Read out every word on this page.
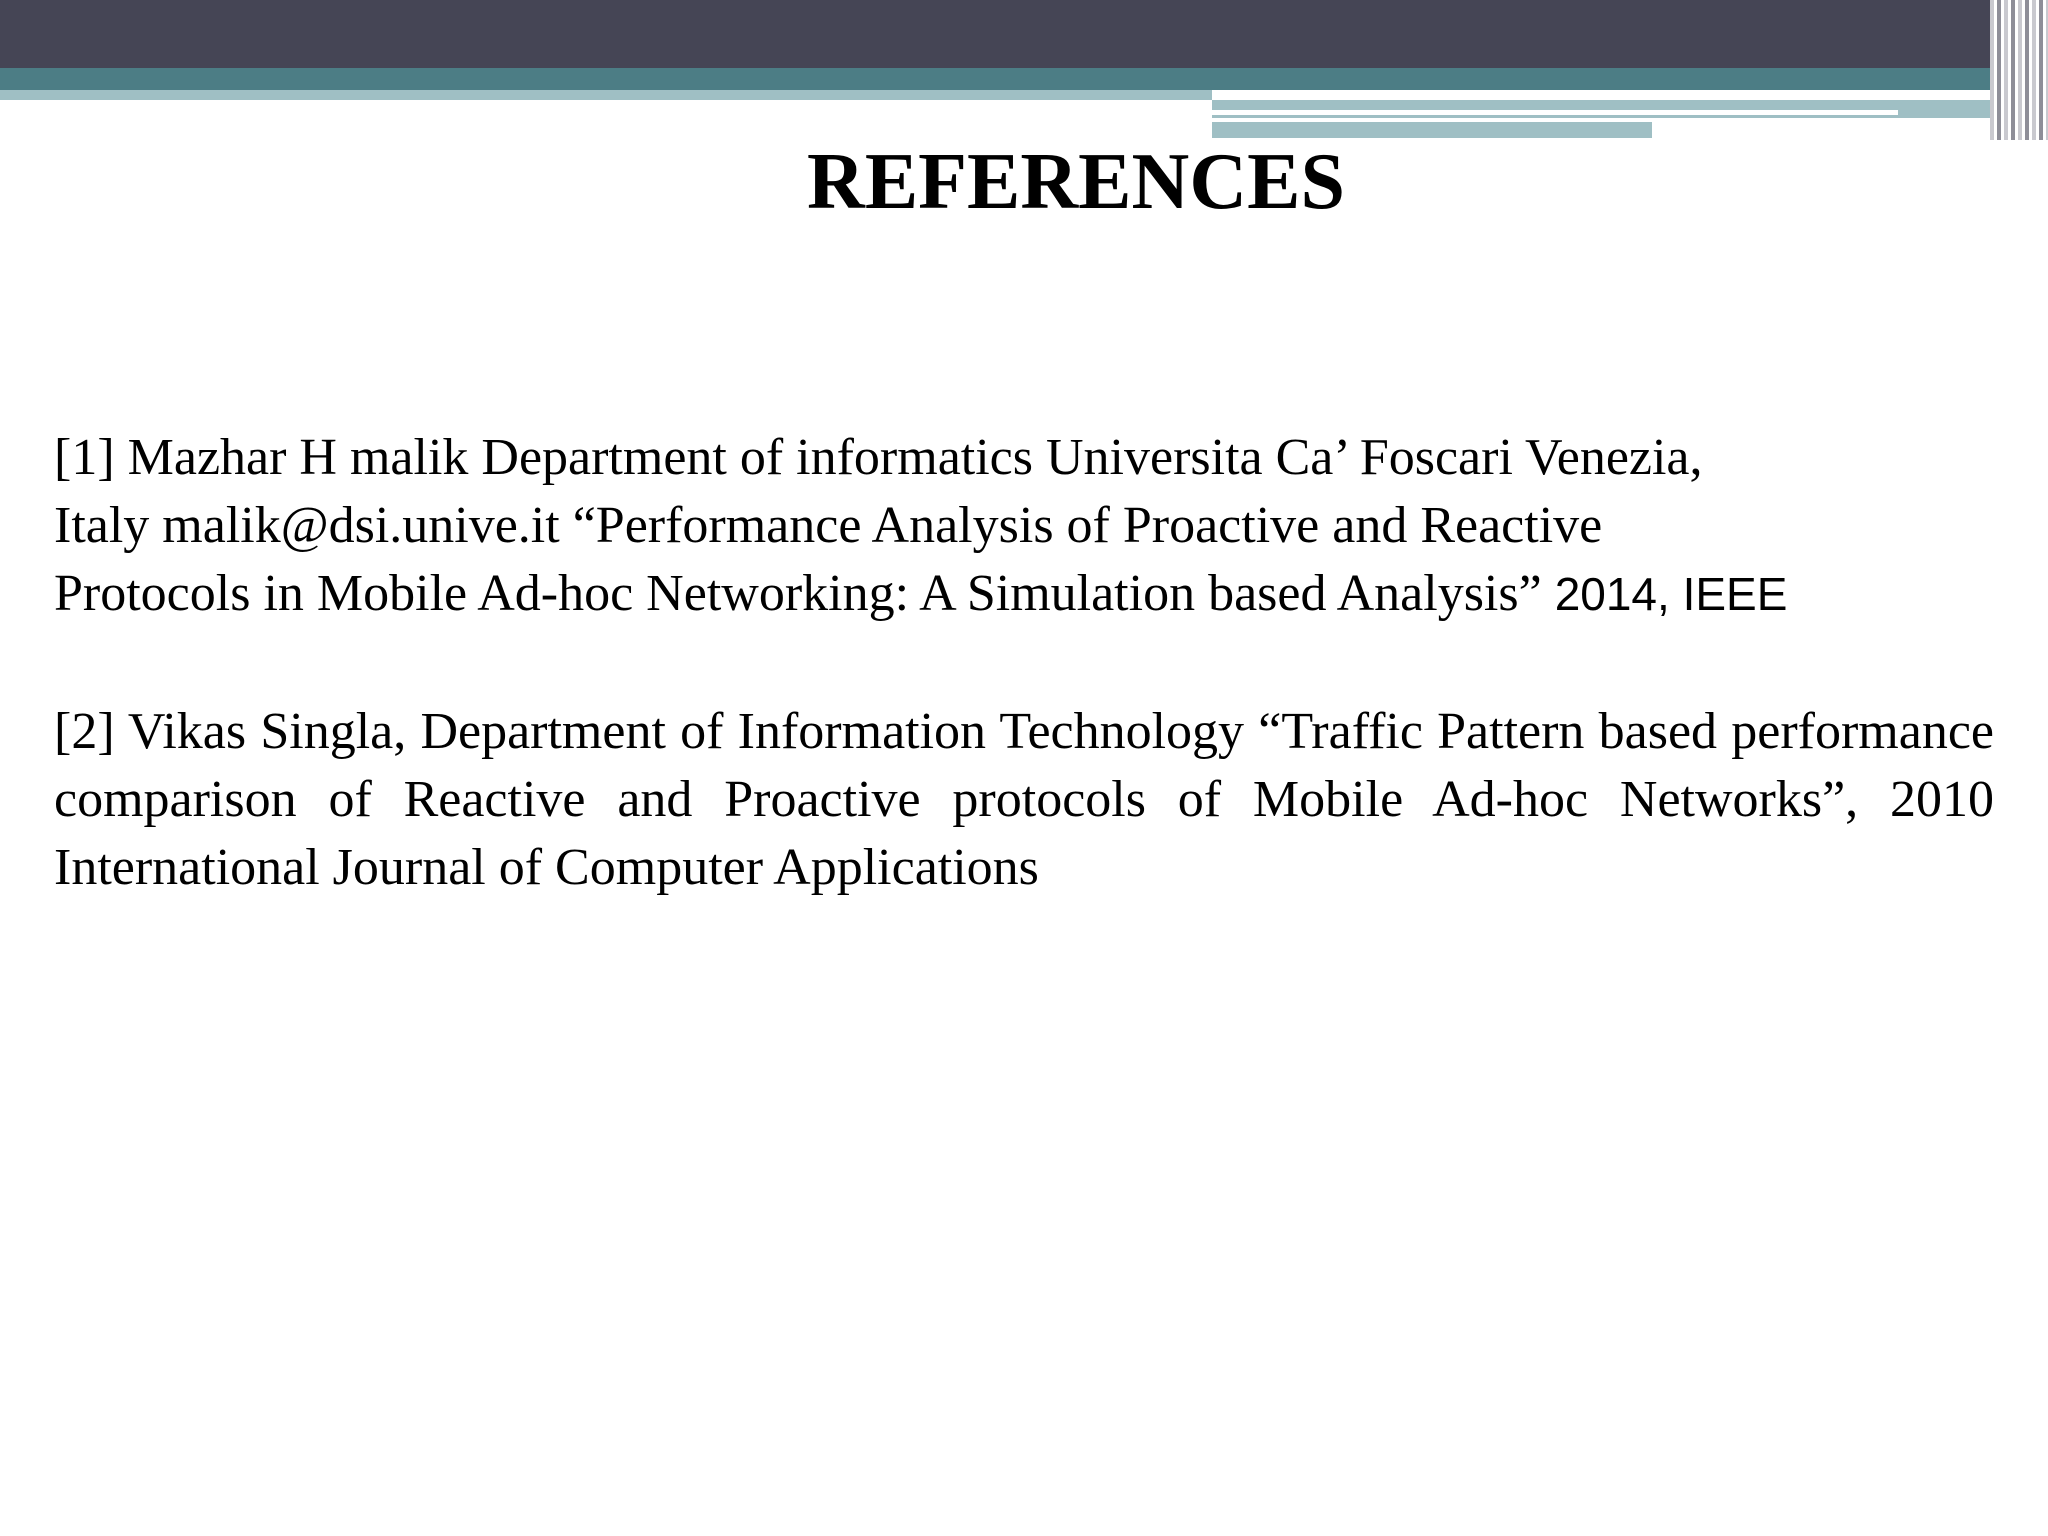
REFERENCES

[1] Mazhar H malik Department of informatics Universita Ca’ Foscari Venezia,
Italy malik@dsi.unive.it “Performance Analysis of Proactive and Reactive
Protocols in Mobile Ad-hoc Networking: A Simulation based Analysis” 2014, IEEE

[2] Vikas Singla, Department of Information Technology “Traffic Pattern based performance comparison of Reactive and Proactive protocols of Mobile Ad-hoc Networks”, 2010 International Journal of Computer Applications
